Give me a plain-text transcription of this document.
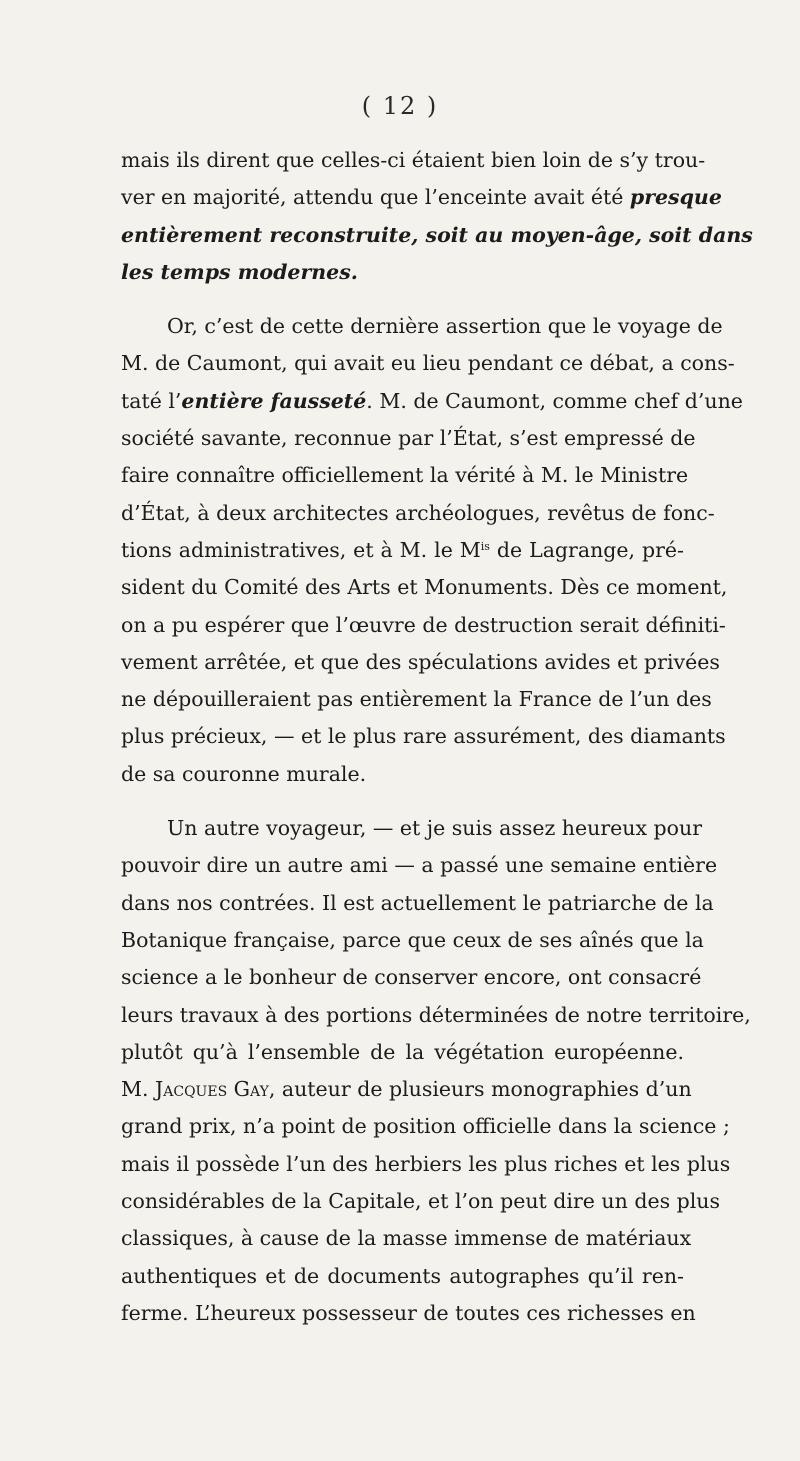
( 12 )
mais ils dirent que celles-ci étaient bien loin de s’y trou-
ver en majorité, attendu que l’enceinte avait été presque
entièrement reconstruite, soit au moyen-âge, soit dans
les temps modernes.
Or, c’est de cette dernière assertion que le voyage de
M. de Caumont, qui avait eu lieu pendant ce débat, a cons-
taté l’entière fausseté. M. de Caumont, comme chef d’une
société savante, reconnue par l’État, s’est empressé de
faire connaître officiellement la vérité à M. le Ministre
d’État, à deux architectes archéologues, revêtus de fonc-
tions administratives, et à M. le $M^{is}$ de Lagrange, pré-
sident du Comité des Arts et Monuments. Dès ce moment,
on a pu espérer que l’œuvre de destruction serait définiti-
vement arrêtée, et que des spéculations avides et privées
ne dépouilleraient pas entièrement la France de l’un des
plus précieux, — et le plus rare assurément, des diamants
de sa couronne murale.
Un autre voyageur, — et je suis assez heureux pour
pouvoir dire un autre ami — a passé une semaine entière
dans nos contrées. Il est actuellement le patriarche de la
Botanique française, parce que ceux de ses aînés que la
science a le bonheur de conserver encore, ont consacré
leurs travaux à des portions déterminées de notre territoire,
plutôt qu’à l’ensemble de la végétation européenne.
M. Jacques Gay, auteur de plusieurs monographies d’un
grand prix, n’a point de position officielle dans la science ;
mais il possède l’un des herbiers les plus riches et les plus
considérables de la Capitale, et l’on peut dire un des plus
classiques, à cause de la masse immense de matériaux
authentiques et de documents autographes qu’il ren-
ferme. L’heureux possesseur de toutes ces richesses en
